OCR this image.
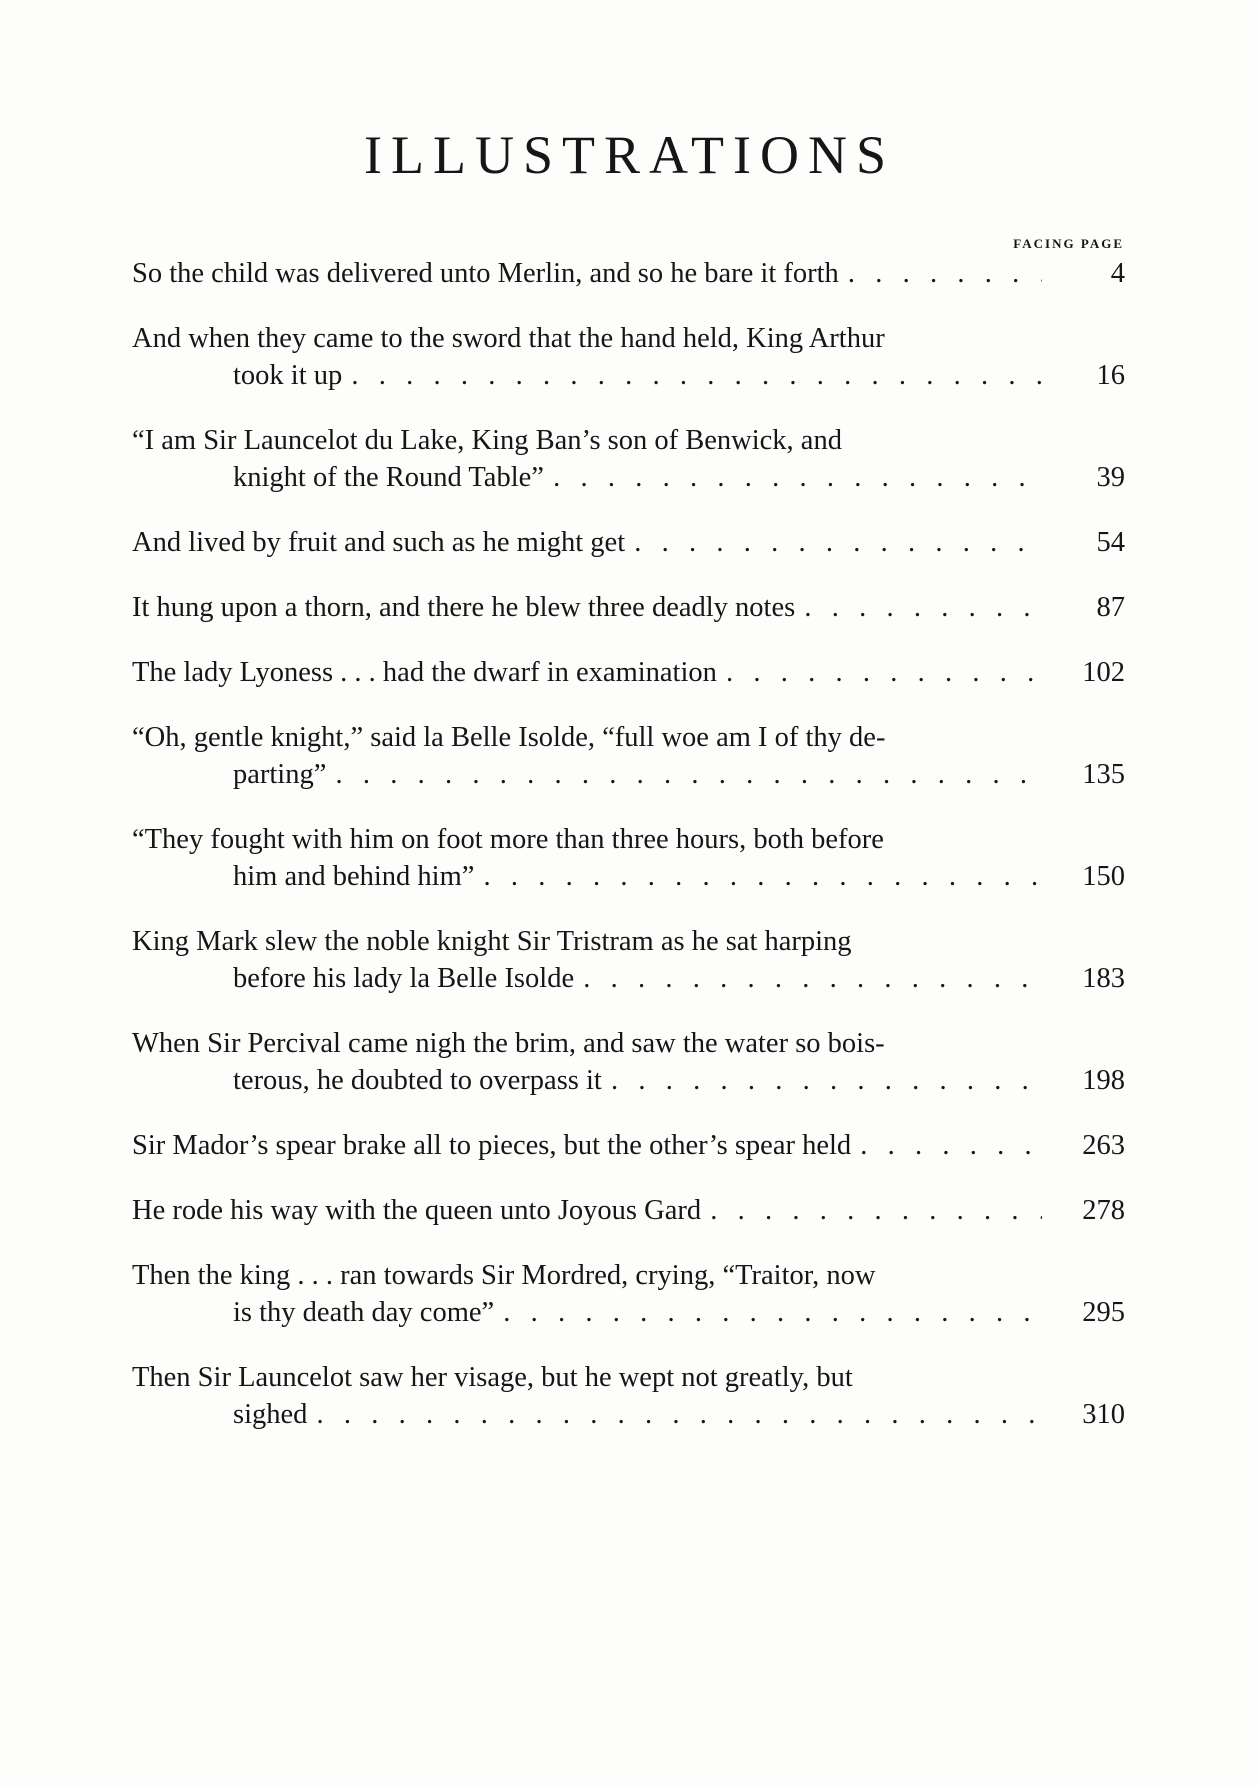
ILLUSTRATIONS
FACING PAGE
So the child was delivered unto Merlin, and so he bare it forth .  .	4
And when they came to the sword that the hand held, King Arthur
took it up .  .	16
“I am Sir Launcelot du Lake, King Ban’s son of Benwick, and
knight of the Round Table” .  .	39
And lived by fruit and such as he might get .  .	54
It hung upon a thorn, and there he blew three deadly notes .  .	87
The lady Lyoness . . . had the dwarf in examination .  .	102
“Oh, gentle knight,” said la Belle Isolde, “full woe am I of thy de-
parting” .  .	135
“They fought with him on foot more than three hours, both before
him and behind him” .  .	150
King Mark slew the noble knight Sir Tristram as he sat harping
before his lady la Belle Isolde .  .	183
When Sir Percival came nigh the brim, and saw the water so bois-
terous, he doubted to overpass it .  .	198
Sir Mador’s spear brake all to pieces, but the other’s spear held .  .	263
He rode his way with the queen unto Joyous Gard .  .	278
Then the king . . . ran towards Sir Mordred, crying, “Traitor, now
is thy death day come” .  .	295
Then Sir Launcelot saw her visage, but he wept not greatly, but
sighed .  .	310
